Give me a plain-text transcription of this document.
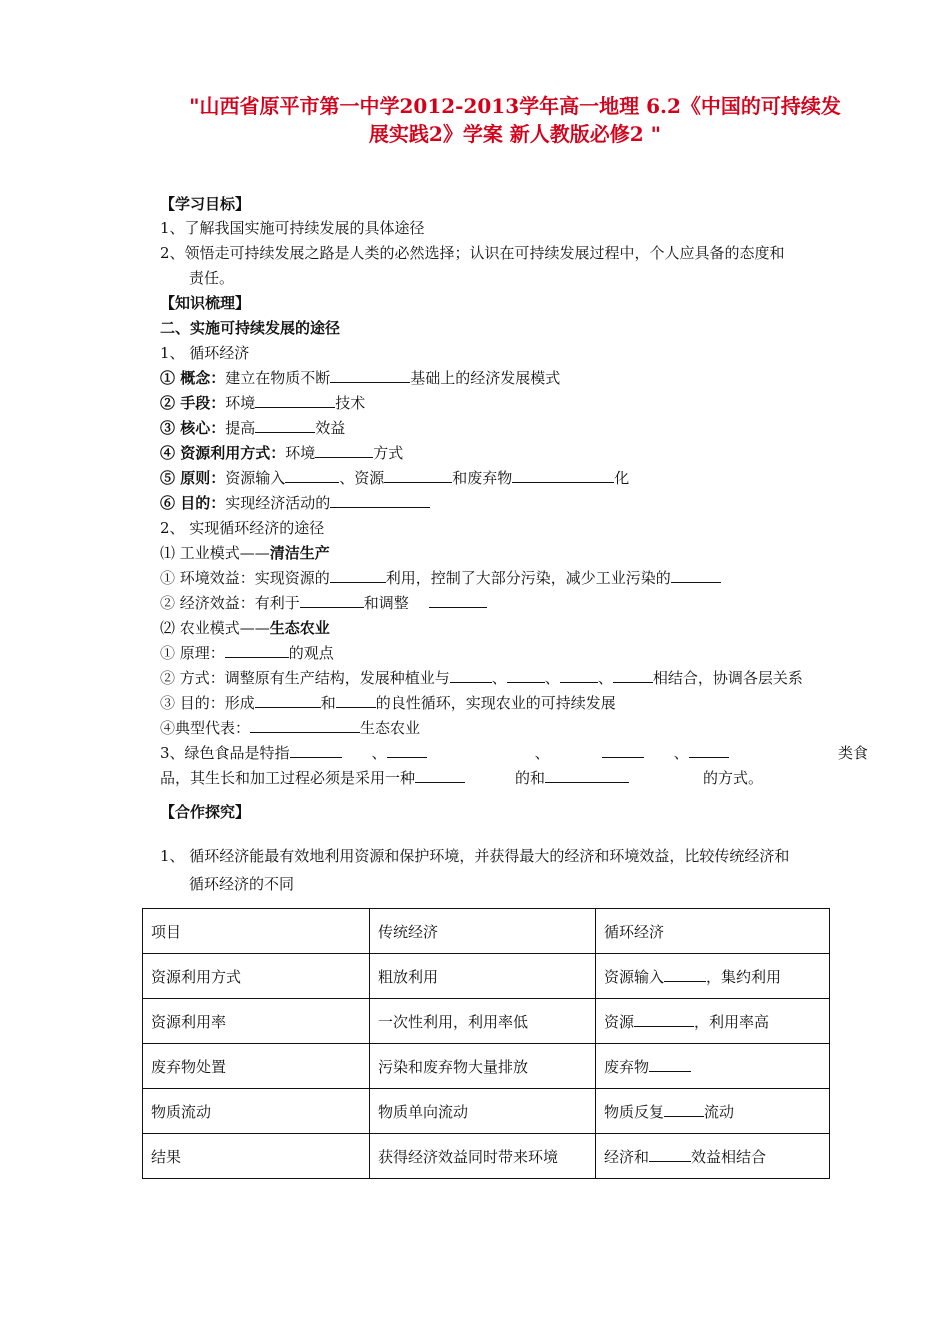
"山西省原平市第一中学2012-2013学年高一地理 6.2《中国的可持续发
展实践2》学案 新人教版必修2 "
【学习目标】
1、了解我国实施可持续发展的具体途径
2、领悟走可持续发展之路是人类的必然选择；认识在可持续发展过程中，个人应具备的态度和
责任。
【知识梳理】
二、实施可持续发展的途径
1、 循环经济
① 概念：建立在物质不断	基础上的经济发展模式
② 手段：环境	技术
③ 核心：提高	效益
④ 资源利用方式：环境	方式
⑤ 原则：资源输入	、资源	和废弃物	化
⑥ 目的：实现经济活动的
2、 实现循环经济的途径
⑴ 工业模式——清洁生产
① 环境效益：实现资源的	利用，控制了大部分污染，减少工业污染的
② 经济效益：有利于	和调整
⑵ 农业模式——生态农业
① 原理：	的观点
② 方式：调整原有生产结构，发展种植业与	、	、	、	相结合，协调各层关系
③ 目的：形成	和	的良性循环，实现农业的可持续发展
④典型代表：	生态农业
3、绿色食品是特指	、	、	、	类食
品，其生长和加工过程必须是采用一种	的和	的方式。
【合作探究】
1、 循环经济能最有效地利用资源和保护环境，并获得最大的经济和环境效益，比较传统经济和
循环经济的不同
项目	传统经济	循环经济
资源利用方式	粗放利用	资源输入 ，集约利用
资源利用率	一次性利用，利用率低	资源 ，利用率高
废弃物处置	污染和废弃物大量排放	废弃物
物质流动	物质单向流动	物质反复 流动
结果	获得经济效益同时带来环境	经济和 效益相结合
